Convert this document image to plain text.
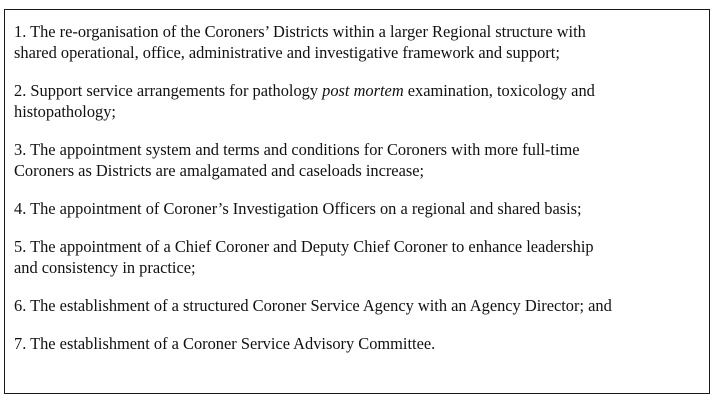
1. The re-organisation of the Coroners’ Districts within a larger Regional structure with
shared operational, office, administrative and investigative framework and support;
2. Support service arrangements for pathology post mortem examination, toxicology and
histopathology;
3. The appointment system and terms and conditions for Coroners with more full-time
Coroners as Districts are amalgamated and caseloads increase;
4. The appointment of Coroner’s Investigation Officers on a regional and shared basis;
5. The appointment of a Chief Coroner and Deputy Chief Coroner to enhance leadership
and consistency in practice;
6. The establishment of a structured Coroner Service Agency with an Agency Director; and
7. The establishment of a Coroner Service Advisory Committee.
